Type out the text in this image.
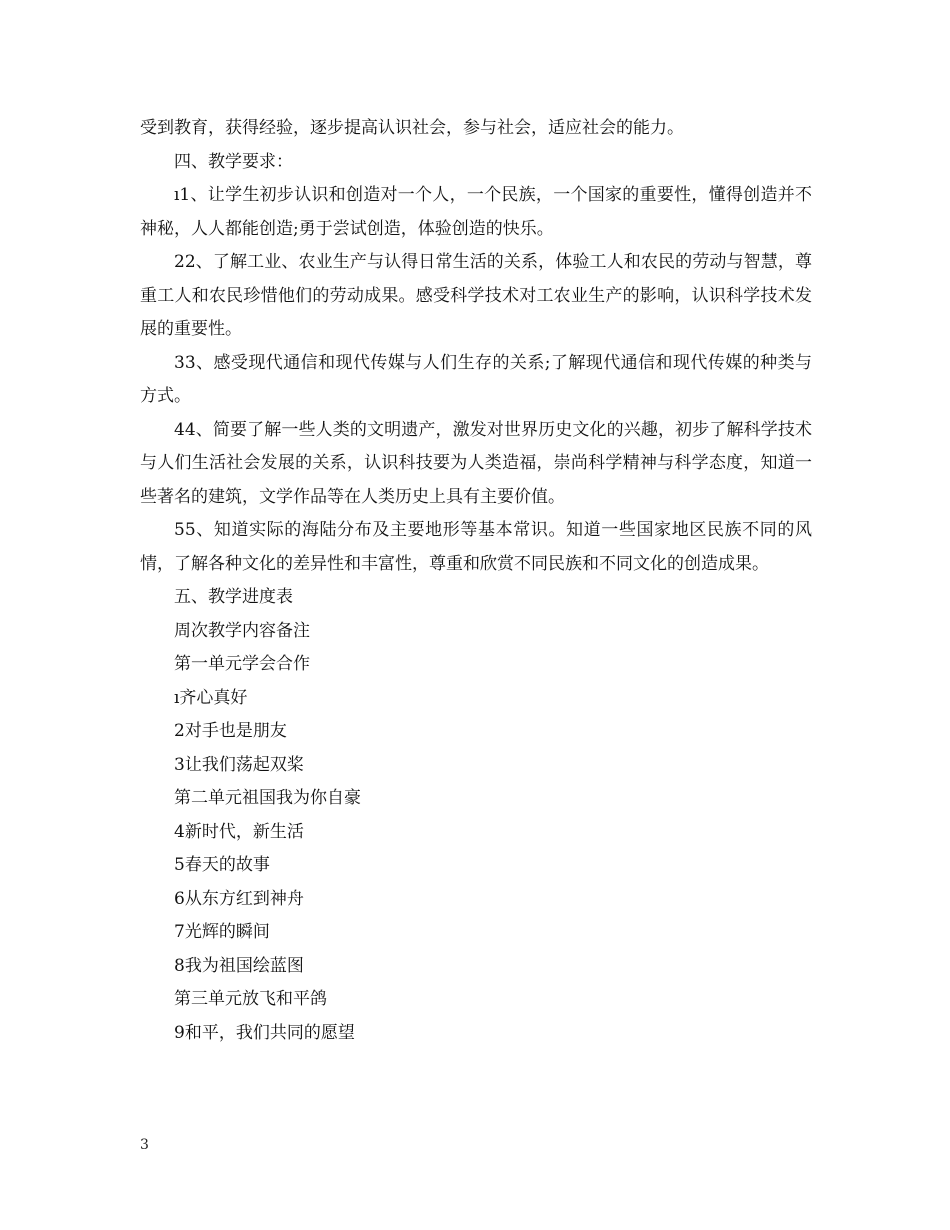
受到教育，获得经验，逐步提高认识社会，参与社会，适应社会的能力。

四、教学要求：

ı1、让学生初步认识和创造对一个人，一个民族，一个国家的重要性，懂得创造并不神秘，人人都能创造;勇于尝试创造，体验创造的快乐。

22、了解工业、农业生产与认得日常生活的关系，体验工人和农民的劳动与智慧，尊重工人和农民珍惜他们的劳动成果。感受科学技术对工农业生产的影响，认识科学技术发展的重要性。

33、感受现代通信和现代传媒与人们生存的关系;了解现代通信和现代传媒的种类与方式。

44、简要了解一些人类的文明遗产，激发对世界历史文化的兴趣，初步了解科学技术与人们生活社会发展的关系，认识科技要为人类造福，崇尚科学精神与科学态度，知道一些著名的建筑，文学作品等在人类历史上具有主要价值。

55、知道实际的海陆分布及主要地形等基本常识。知道一些国家地区民族不同的风情，了解各种文化的差异性和丰富性，尊重和欣赏不同民族和不同文化的创造成果。

五、教学进度表

周次教学内容备注

第一单元学会合作

ı齐心真好

2对手也是朋友

3让我们荡起双桨

第二单元祖国我为你自豪

4新时代，新生活

5春天的故事

6从东方红到神舟

7光辉的瞬间

8我为祖国绘蓝图

第三单元放飞和平鸽

9和平，我们共同的愿望

3
